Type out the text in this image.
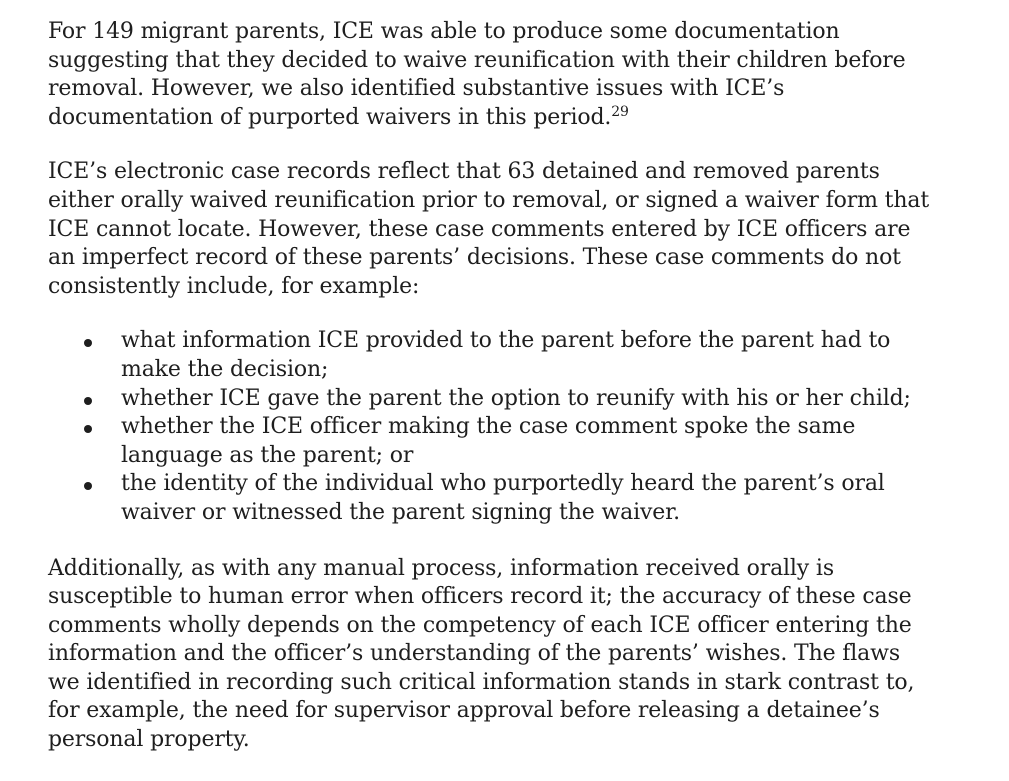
For 149 migrant parents, ICE was able to produce some documentation
suggesting that they decided to waive reunification with their children before
removal. However, we also identified substantive issues with ICE’s
documentation of purported waivers in this period.$^{29}$

ICE’s electronic case records reflect that 63 detained and removed parents
either orally waived reunification prior to removal, or signed a waiver form that
ICE cannot locate. However, these case comments entered by ICE officers are
an imperfect record of these parents’ decisions. These case comments do not
consistently include, for example:

what information ICE provided to the parent before the parent had to
make the decision;
whether ICE gave the parent the option to reunify with his or her child;
whether the ICE officer making the case comment spoke the same
language as the parent; or
the identity of the individual who purportedly heard the parent’s oral
waiver or witnessed the parent signing the waiver.

Additionally, as with any manual process, information received orally is
susceptible to human error when officers record it; the accuracy of these case
comments wholly depends on the competency of each ICE officer entering the
information and the officer’s understanding of the parents’ wishes. The flaws
we identified in recording such critical information stands in stark contrast to,
for example, the need for supervisor approval before releasing a detainee’s
personal property.
